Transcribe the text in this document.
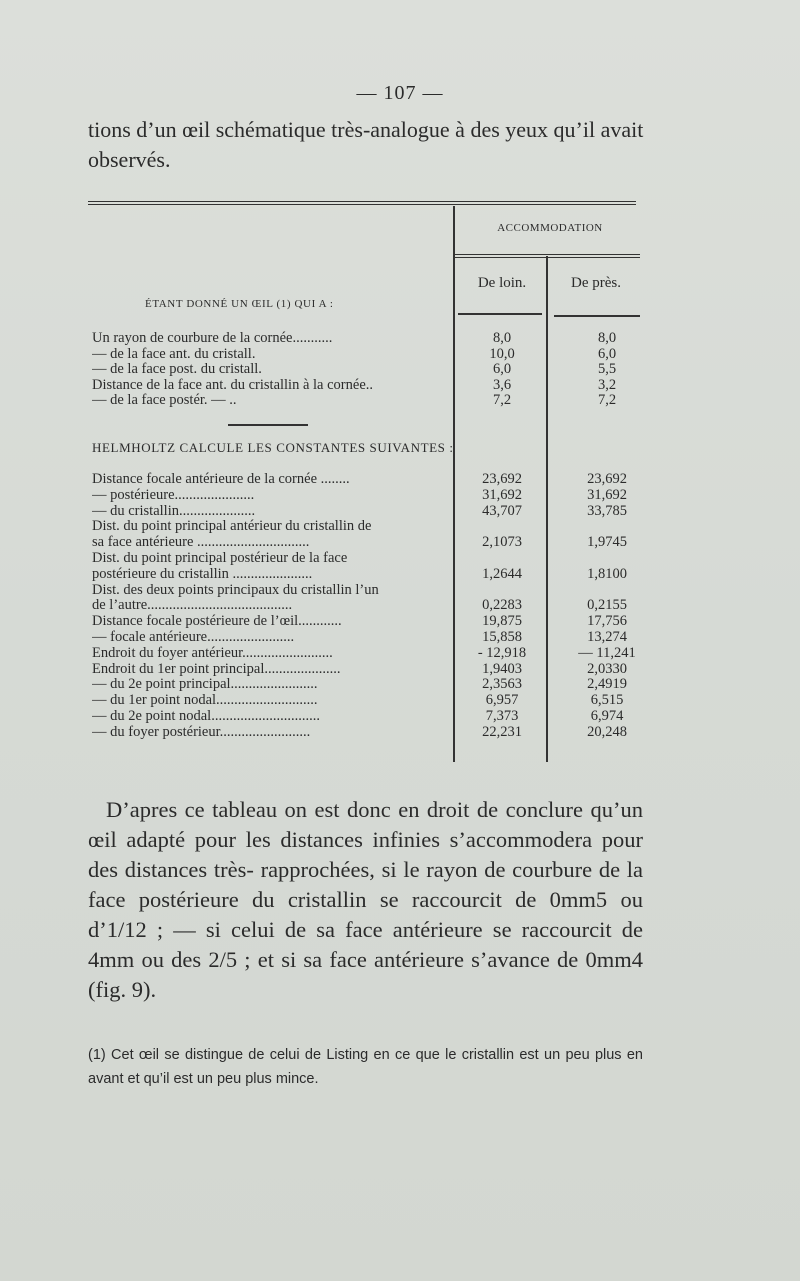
— 107 —
tions d’un œil schématique très-analogue à des yeux qu’il avait observés.
ACCOMMODATION
De loin.	De près.
ÉTANT DONNÉ UN ŒIL (1) QUI A :
Un rayon de courbure de la cornée...........	8,0	8,0
— de la face ant. du cristall.	10,0	6,0
— de la face post. du cristall.	6,0	5,5
Distance de la face ant. du cristallin à la cornée..	3,6	3,2
— de la face postér. — ..	7,2	7,2
HELMHOLTZ CALCULE LES CONSTANTES SUIVANTES :
Distance focale antérieure de la cornée ........	23,692	23,692
— postérieure......................	31,692	31,692
— du cristallin.....................	43,707	33,785
Dist. du point principal antérieur du cristallin de
sa face antérieure ...............................	2,1073	1,9745
Dist. du point principal postérieur de la face
postérieure du cristallin ......................	1,2644	1,8100
Dist. des deux points principaux du cristallin l’un
de l’autre........................................	0,2283	0,2155
Distance focale postérieure de l’œil............	19,875	17,756
— focale antérieure........................	15,858	13,274
Endroit du foyer antérieur.........................	- 12,918	— 11,241
Endroit du 1er point principal.....................	1,9403	2,0330
— du 2e point principal........................	2,3563	2,4919
— du 1er point nodal............................	6,957	6,515
— du 2e point nodal..............................	7,373	6,974
— du foyer postérieur.........................	22,231	20,248

D’apres ce tableau on est donc en droit de conclure qu’un œil adapté pour les distances infinies s’accommodera pour des distances très- rapprochées, si le rayon de courbure de la face postérieure du cristallin se raccourcit de 0mm5 ou d’1/12 ; — si celui de sa face antérieure se raccourcit de 4mm ou des 2/5 ; et si sa face antérieure s’avance de 0mm4 (fig. 9).

(1) Cet œil se distingue de celui de Listing en ce que le cristallin est un peu plus en avant et qu’il est un peu plus mince.
